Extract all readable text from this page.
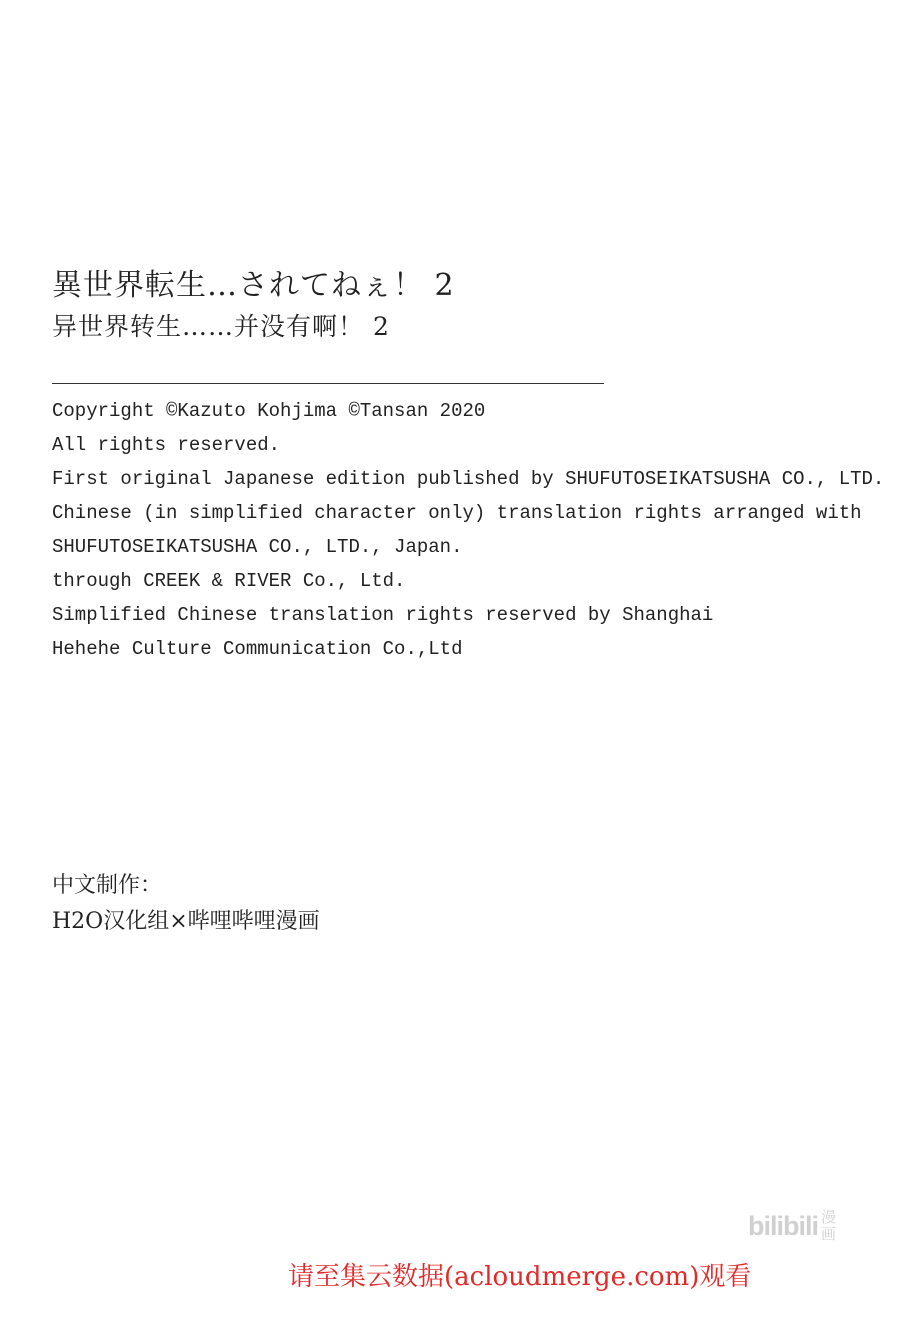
異世界転生…されてねぇ！ 2
异世界转生……并没有啊！ 2
Copyright ©Kazuto Kohjima ©Tansan 2020
All rights reserved.
First original Japanese edition published by SHUFUTOSEIKATSUSHA CO., LTD.
Chinese (in simplified character only) translation rights arranged with
SHUFUTOSEIKATSUSHA CO., LTD., Japan.
through CREEK & RIVER Co., Ltd.
Simplified Chinese translation rights reserved by Shanghai
Hehehe Culture Communication Co.,Ltd
中文制作：
H2O汉化组×哔哩哔哩漫画
bilibili 漫画
请至集云数据(acloudmerge.com)观看
